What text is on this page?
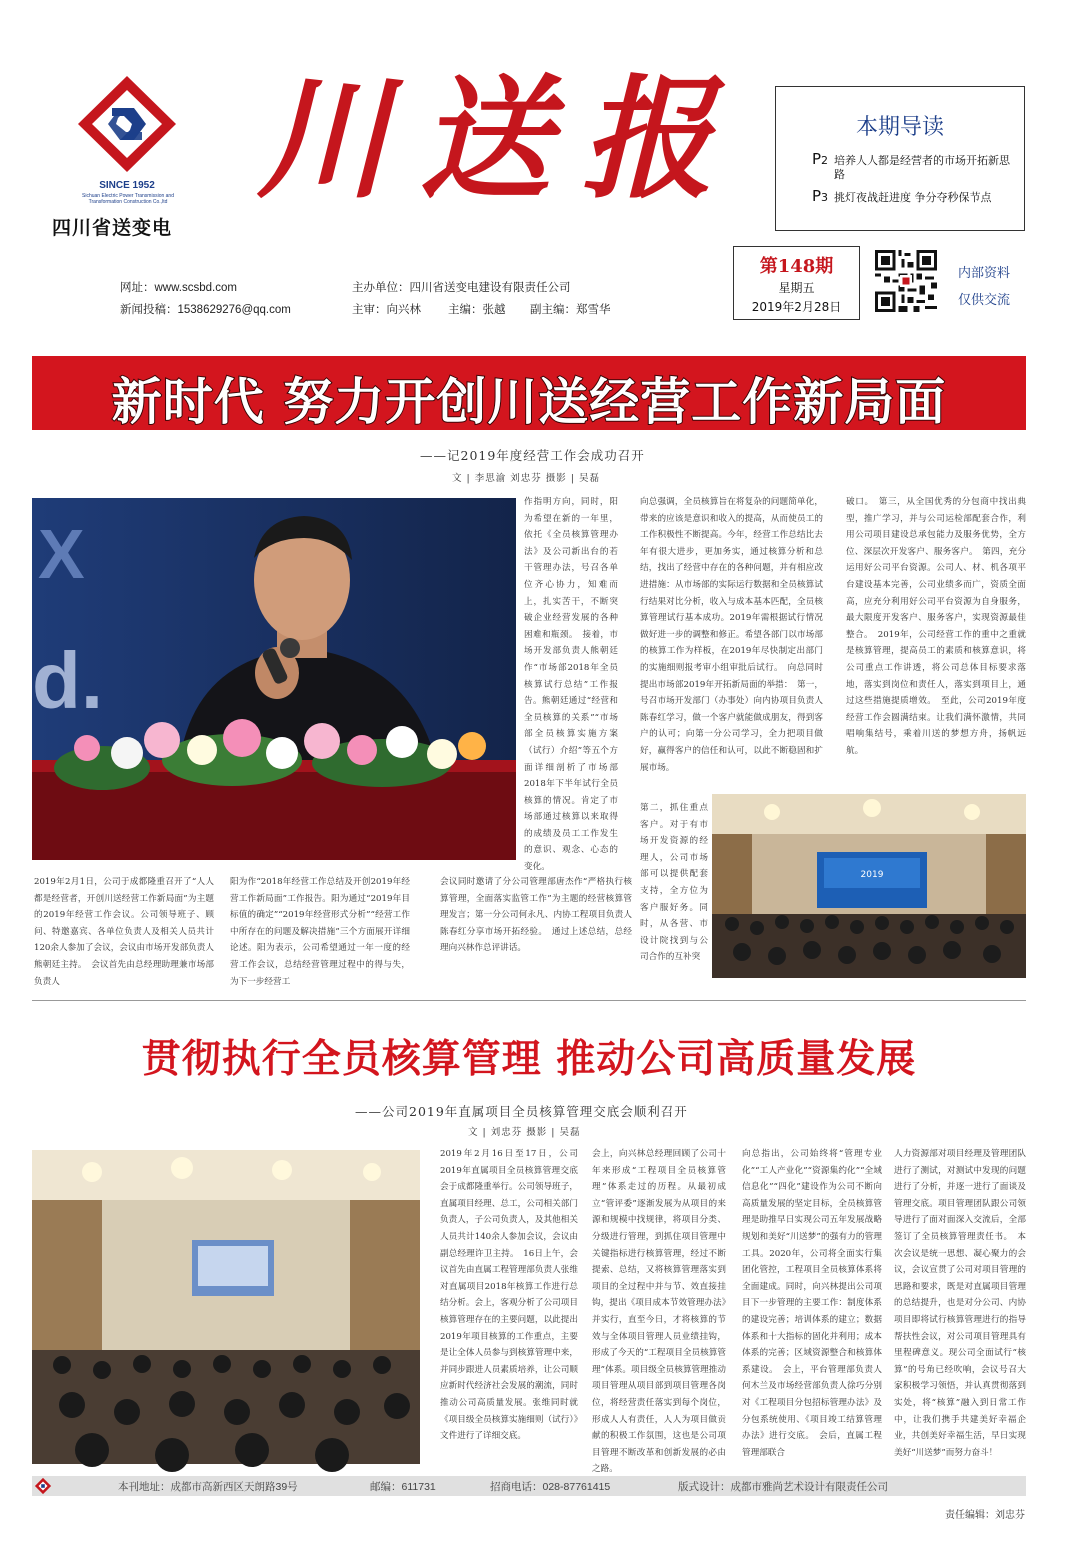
SINCE 1952
Sichuan Electric Power Transmission and Transformation Construction Co.,ltd
四川省送变电
川送报	本期导读
P2 培养人人都是经营者的市场开拓新思路
P3 挑灯夜战赶进度 争分夺秒保节点
网址：www.scsbd.com
新闻投稿：1538629276@qq.com
主办单位：四川省送变电建设有限责任公司
主审：向兴林 主编：张越 副主编：郑雪华
第148期
星期五
2019年2月28日
内部资料
仅供交流
新时代 努力开创川送经营工作新局面
——记2019年度经营工作会成功召开
文 | 李思渝 刘忠芬 摄影 | 吴磊
X
d.
作指明方向，同时，阳为希望在新的一年里，依托《全员核算管理办法》及公司新出台的若干管理办法，号召各单位齐心协力，知难而上，扎实苦干，不断突破企业经营发展的各种困难和瓶颈。　接着，市场开发部负责人熊朝廷作“市场部2018年全员核算试行总结”工作报告。熊朝廷通过“经营和全员核算的关系”“市场部全员核算实施方案（试行）介绍”等五个方面详细剖析了市场部2018年下半年试行全员核算的情况。肯定了市场部通过核算以来取得的成绩及员工工作发生的意识、观念、心态的变化。
向总强调，全员核算旨在将复杂的问题简单化，带来的应该是意识和收入的提高，从而使员工的工作积极性不断提高。今年，经营工作总结比去年有很大进步，更加务实，通过核算分析和总结，找出了经营中存在的各种问题，并有相应改进措施：从市场部的实际运行数据和全员核算试行结果对比分析，收入与成本基本匹配，全员核算管理试行基本成功。2019年需根据试行情况做好进一步的调整和修正。希望各部门以市场部的核算工作为样板，在2019年尽快制定出部门的实施细则报考审小组审批后试行。　向总同时提出市场部2019年开拓新局面的举措：　第一，号召市场开发部门（办事处）向内协项目负责人陈春红学习，做一个客户就能做成朋友，得到客户的认可；向第一分公司学习，全力把项目做好，赢得客户的信任和认可，以此不断稳固和扩展市场。
第二，抓住重点客户。对于有市场开发资源的经理人，公司市场部可以提供配套支持，全方位为客户服好务。同时，从各营、市设计院找到与公司合作的互补突
破口。　第三，从全国优秀的分包商中找出典型，推广学习，并与公司运检部配套合作，利用公司项目建设总承包能力及服务优势，全方位、深层次开发客户、服务客户。　第四，充分运用好公司平台资源。公司人、材、机各项平台建设基本完善，公司业绩多而广，资质全面高，应充分利用好公司平台资源为自身服务，最大限度开发客户、服务客户，实现资源最佳整合。　2019年，公司经营工作的重中之重就是核算管理，提高员工的素质和核算意识，将公司重点工作讲透，将公司总体目标要求落地，落实到岗位和责任人，落实到项目上，通过这些措施提质增效。　至此，公司2019年度经营工作会圆满结束。让我们满怀激情，共同唱响集结号，乘着川送的梦想方舟，扬帆远航。
2019
2019年2月1日，公司于成都隆重召开了“人人都是经营者，开创川送经营工作新局面”为主题的2019年经营工作会议。公司领导班子、顾问、特邀嘉宾、各单位负责人及相关人员共计120余人参加了会议，会议由市场开发部负责人熊朝廷主持。　会议首先由总经理助理兼市场部负责人
阳为作“2018年经营工作总结及开创2019年经营工作新局面”工作报告。阳为通过“2019年目标值的确定”“2019年经营形式分析”“经营工作中所存在的问题及解决措施”三个方面展开详细论述。阳为表示，公司希望通过一年一度的经营工作会议，总结经营管理过程中的得与失，为下一步经营工
会议同时邀请了分公司管理部唐杰作“严格执行核算管理，全面落实监管工作”为主题的经营核算管理发言；第一分公司何永凡、内协工程项目负责人陈春红分享市场开拓经验。　通过上述总结，总经理向兴林作总评讲话。
贯彻执行全员核算管理 推动公司高质量发展
——公司2019年直属项目全员核算管理交底会顺利召开
文 | 刘忠芬 摄影 | 吴磊
2019年2月16日至17日，公司2019年直属项目全员核算管理交底会于成都隆重举行。公司领导班子，直属项目经理、总工，公司相关部门负责人，子公司负责人，及其他相关人员共计140余人参加会议，会议由副总经理许卫主持。　16日上午，会议首先由直属工程管理部负责人张维对直属项目2018年核算工作进行总结分析。会上，客观分析了公司项目核算管理存在的主要问题，以此提出2019年项目核算的工作重点，主要是让全体人员参与到核算管理中来，并同步跟进人员素质培养，让公司顺应新时代经济社会发展的潮流，同时推动公司高质量发展。张维同时就《项目级全员核算实施细则（试行）》文件进行了详细交底。
会上，向兴林总经理回顾了公司十年来形成“工程项目全员核算管理”体系走过的历程。从最初成立“管评委”逐渐发展为从项目的来源和规模中找规律，将项目分类、分级进行管理，到抓住项目管理中关键指标进行核算管理，经过不断提索、总结，又将核算管理落实到项目的全过程中并与节、效直接挂钩，提出《项目成本节效管理办法》并实行，直至今日，才将核算的节效与全体项目管理人员业绩挂钩，形成了今天的“工程项目全员核算管理”体系。项目级全员核算管理推动项目管理从项目部到项目管理各岗位，将经营责任落实到每个岗位，形成人人有责任，人人为项目做贡献的积极工作氛围，这也是公司项目管理不断改革和创新发展的必由之路。
向总指出，公司始终将“管理专业化”“工人产业化”“资源集约化”“全域信息化”“四化”建设作为公司不断向高质量发展的坚定目标，全员核算管理是助推早日实现公司五年发展战略规划和美好“川送梦”的强有力的管理工具。2020年，公司将全面实行集团化管控，工程项目全员核算体系将全面建成。同时，向兴林提出公司项目下一步管理的主要工作：制度体系的建设完善；培训体系的建立；数据体系和十大指标的固化并利用；成本体系的完善；区域资源整合和核算体系建设。　会上，平台管理部负责人何木兰及市场经营部负责人徐巧分别对《工程项目分包招标管理办法》及分包系统使用、《项目竣工结算管理办法》进行交底。　会后，直属工程管理部联合
人力资源部对项目经理及管理团队进行了测试，对测试中发现的问题进行了分析，并逐一进行了面谈及管理交底。项目管理团队跟公司领导进行了面对面深入交流后，全部签订了全员核算管理责任书。　本次会议是统一思想、凝心聚力的会议，会议宣贯了公司对项目管理的思路和要求，既是对直属项目管理的总结提升，也是对分公司、内协项目即将试行核算管理进行的指导帮扶性会议，对公司项目管理具有里程碑意义。现公司全面试行“核算”的号角已经吹响，会议号召大家积极学习领悟，并认真贯彻落到实处，将“核算”融入到日常工作中，让我们携手共建美好幸福企业，共创美好幸福生活，早日实现美好“川送梦”而努力奋斗！
本刊地址：成都市高新西区天朗路39号	邮编：611731	招商电话：028-87761415	版式设计：成都市雅尚艺术设计有限责任公司
责任编辑：刘忠芬
